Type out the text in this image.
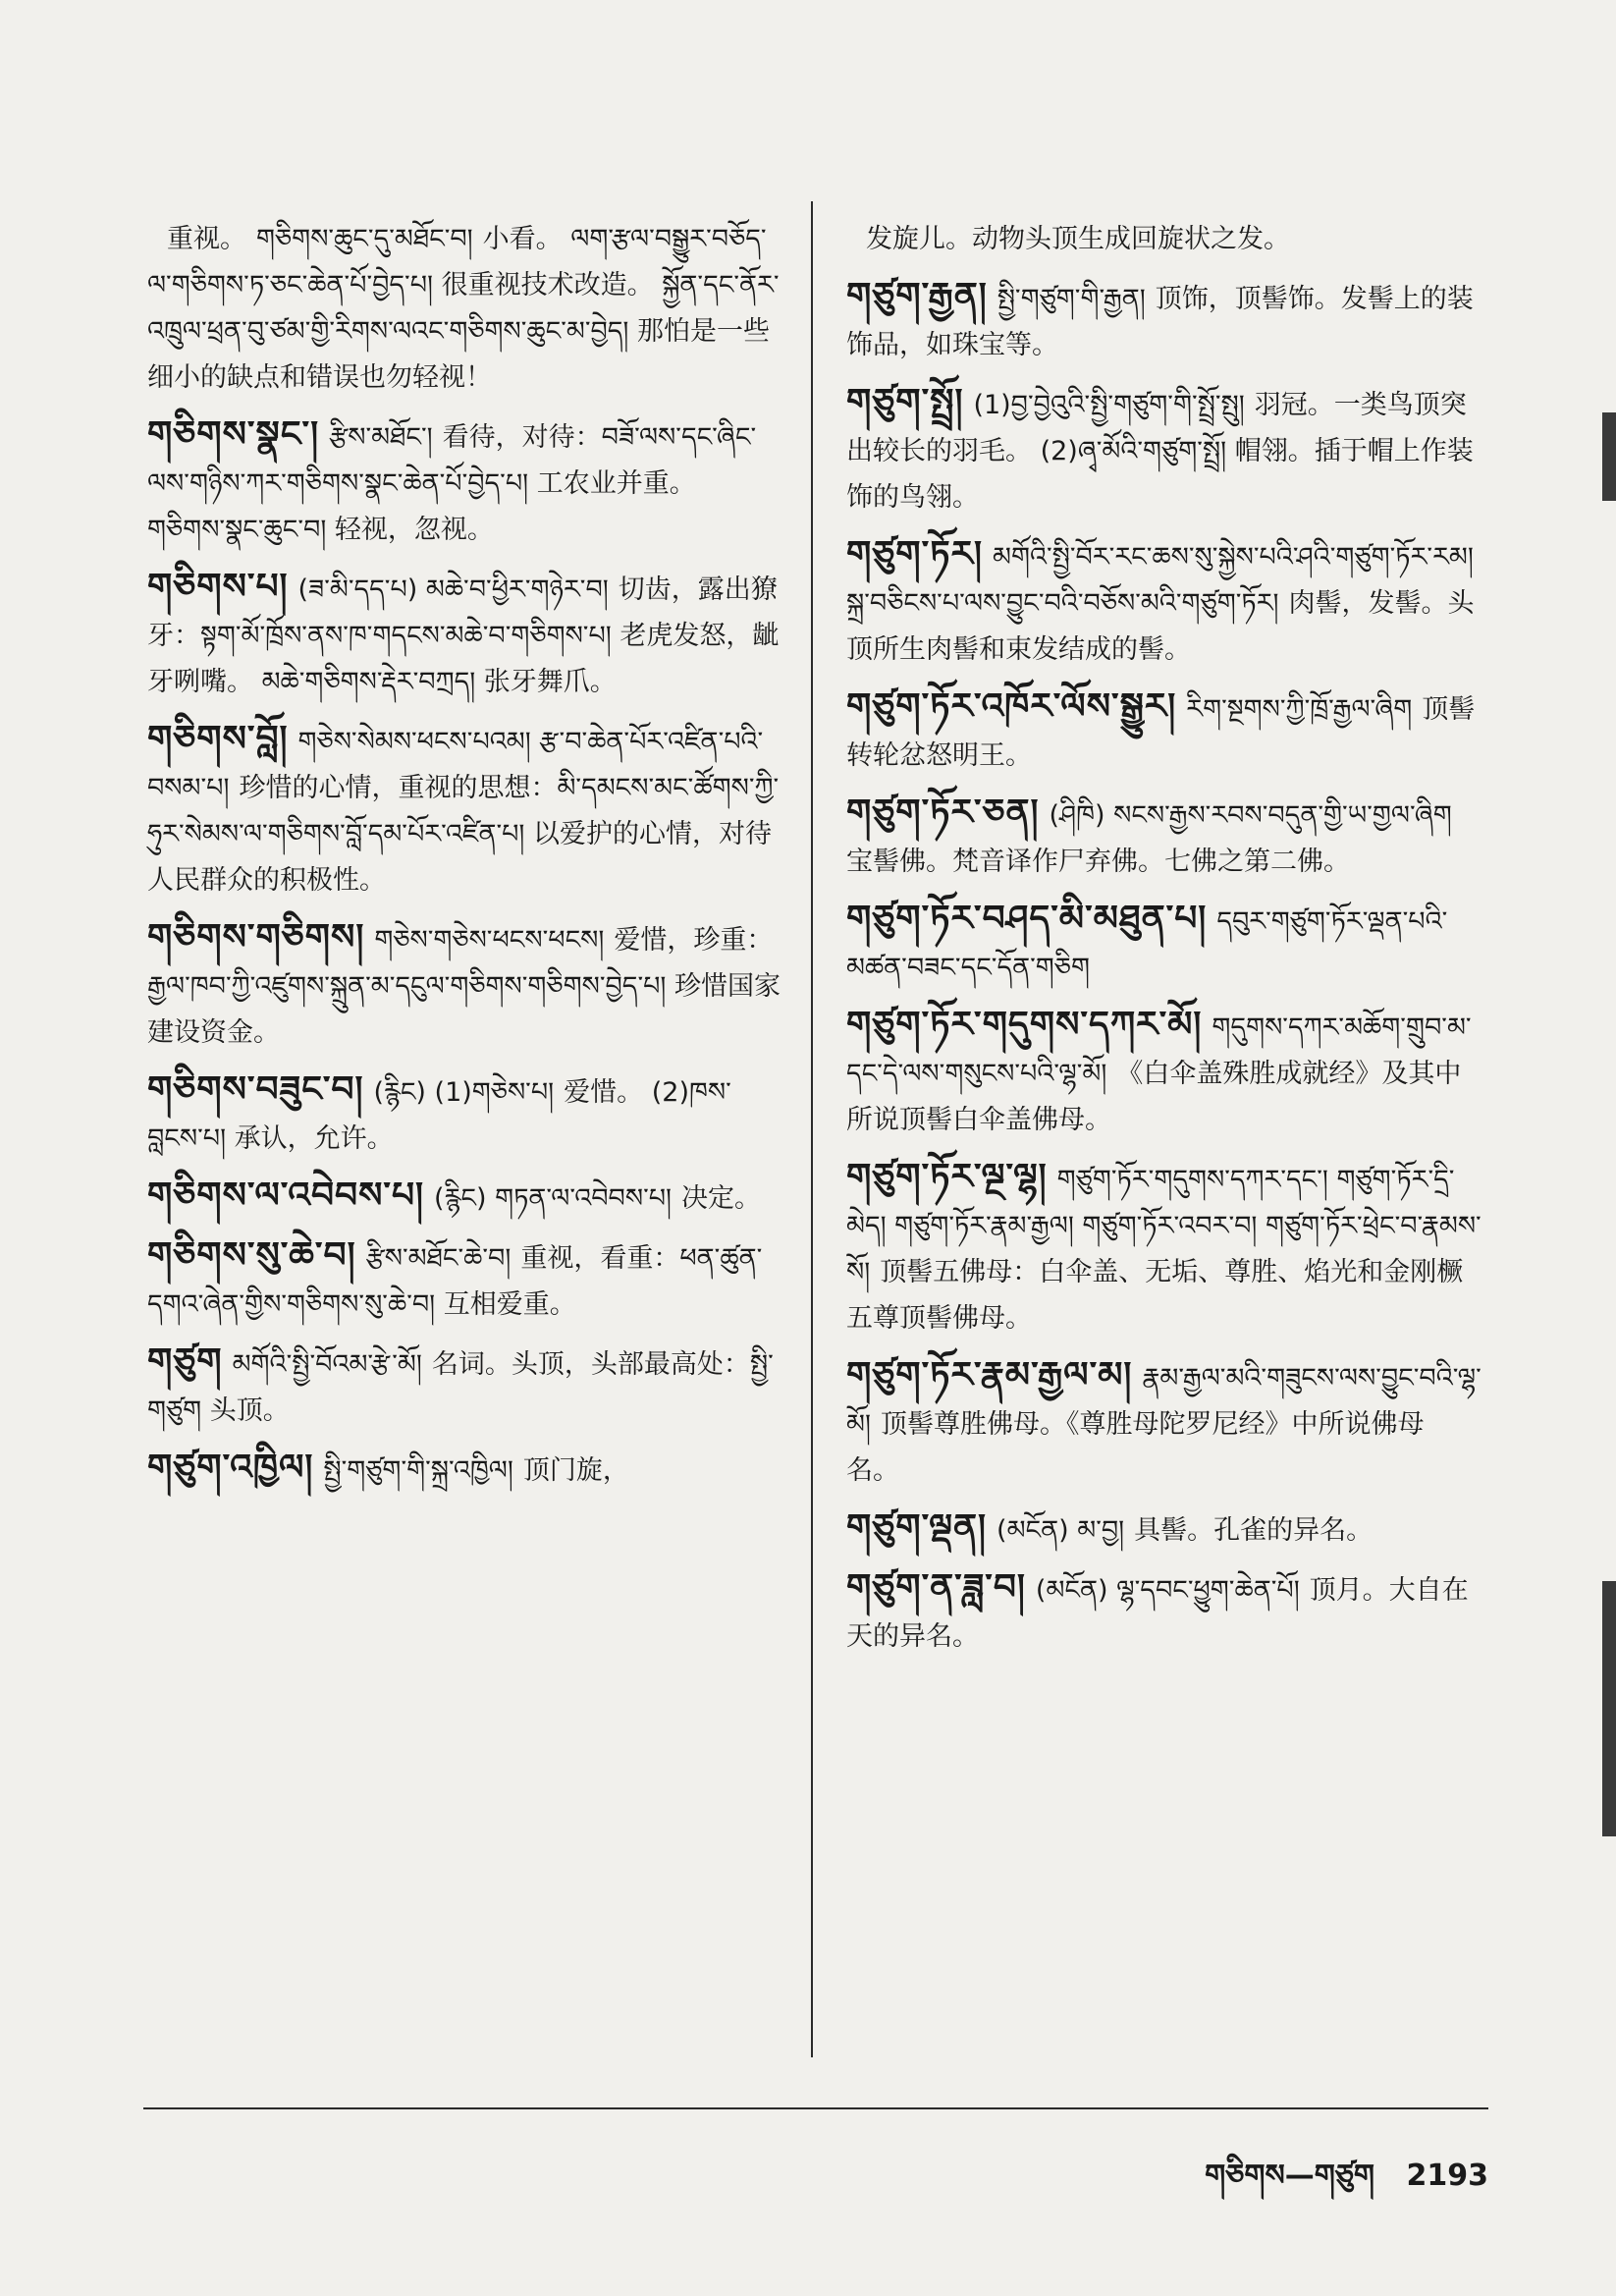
重视。 གཅིགས་ཆུང་དུ་མཐོང་བ། 小看。 ལག་རྩལ་བསྒྱུར་བཅོད་ལ་གཅིགས་ཏ་ཅང་ཆེན་པོ་བྱེད་པ། 很重视技术改造。 སྐྱོན་དང་ནོར་འཁྲུལ་ཕྲན་བུ་ཙམ་གྱི་རིགས་ལའང་གཅིགས་ཆུང་མ་བྱེད། 那怕是一些细小的缺点和错误也勿轻视！
གཅིགས་སྣང་། རྩིས་མཐོང་། 看待，对待：བཟོ་ལས་དང་ཞིང་ལས་གཉིས་ཀར་གཅིགས་སྣང་ཆེན་པོ་བྱེད་པ། 工农业并重。 གཅིགས་སྣང་ཆུང་བ། 轻视，忽视。
གཅིགས་པ། (ཟ་མི་དད་པ) མཆེ་བ་ཕྱིར་གཉེར་བ། 切齿，露出獠牙：སྟག་མོ་ཁྲོས་ནས་ཁ་གདངས་མཆེ་བ་གཅིགས་པ། 老虎发怒，龇牙咧嘴。 མཆེ་གཅིགས་རྡེར་བཀྲད། 张牙舞爪。
གཅིགས་བློ། གཅེས་སེམས་ཕངས་པའམ། རྩ་བ་ཆེན་པོར་འཛིན་པའི་བསམ་པ། 珍惜的心情，重视的思想：མི་དམངས་མང་ཚོགས་ཀྱི་ཧུར་སེམས་ལ་གཅིགས་བློ་དམ་པོར་འཛིན་པ། 以爱护的心情，对待人民群众的积极性。
གཅིགས་གཅིགས། གཅེས་གཅེས་ཕངས་ཕངས། 爱惜，珍重：རྒྱལ་ཁབ་ཀྱི་འཛུགས་སྐྲུན་མ་དངུལ་གཅིགས་གཅིགས་བྱེད་པ། 珍惜国家建设资金。
གཅིགས་བཟུང་བ། (རྙིང) (1)གཅེས་པ། 爱惜。 (2)ཁས་བླངས་པ། 承认，允许。
གཅིགས་ལ་འབེབས་པ། (རྙིང) གཏན་ལ་འབེབས་པ། 决定。
གཅིགས་སུ་ཆེ་བ། རྩིས་མཐོང་ཆེ་བ། 重视，看重：ཕན་ཚུན་དགའ་ཞེན་གྱིས་གཅིགས་སུ་ཆེ་བ། 互相爱重。
གཙུག མགོའི་སྤྱི་བོའམ་རྩེ་མོ། 名词。头顶，头部最高处：སྤྱི་གཙུག 头顶。
གཙུག་འཁྱིལ། སྤྱི་གཙུག་གི་སྐྲ་འཁྱིལ། 顶门旋，
发旋儿。动物头顶生成回旋状之发。
གཙུག་རྒྱན། སྤྱི་གཙུག་གི་རྒྱན། 顶饰，顶髻饰。发髻上的装饰品，如珠宝等。
གཙུག་སྤྲོ། (1)བྱ་བྱེའུའི་སྤྱི་གཙུག་གི་སྤྲོ་སྤུ། 羽冠。一类鸟顶突出较长的羽毛。 (2)ཞྭ་མོའི་གཙུག་སྤྲོ། 帽翎。插于帽上作装饰的鸟翎。
གཙུག་ཏོར། མགོའི་སྤྱི་བོར་རང་ཆས་སུ་སྐྱེས་པའི་ཤའི་གཙུག་ཏོར་རམ། སྐྲ་བཅིངས་པ་ལས་བྱུང་བའི་བཅོས་མའི་གཙུག་ཏོར། 肉髻，发髻。头顶所生肉髻和束发结成的髻。
གཙུག་ཏོར་འཁོར་ལོས་སྒྱུར། རིག་སྔགས་ཀྱི་ཁྲོ་རྒྱལ་ཞིག 顶髻转轮忿怒明王。
གཙུག་ཏོར་ཅན། (ཤིཁི) སངས་རྒྱས་རབས་བདུན་གྱི་ཡ་གྱལ་ཞིག宝髻佛。梵音译作尸弃佛。七佛之第二佛。
གཙུག་ཏོར་བཤད་མི་མཐུན་པ། དབུར་གཙུག་ཏོར་ལྡན་པའི་མཚན་བཟང་དང་དོན་གཅིག
གཙུག་ཏོར་གདུགས་དཀར་མོ། གདུགས་དཀར་མཆོག་གྲུབ་མ་དང་དེ་ལས་གསུངས་པའི་ལྷ་མོ། 《白伞盖殊胜成就经》及其中所说顶髻白伞盖佛母。
གཙུག་ཏོར་ལྔ་ལྷ། གཙུག་ཏོར་གདུགས་དཀར་དང་། གཙུག་ཏོར་དྲི་མེད། གཙུག་ཏོར་རྣམ་རྒྱལ། གཙུག་ཏོར་འབར་བ། གཙུག་ཏོར་ཕྲེང་བ་རྣམས་སོ། 顶髻五佛母：白伞盖、无垢、尊胜、焰光和金刚橛五尊顶髻佛母。
གཙུག་ཏོར་རྣམ་རྒྱལ་མ། རྣམ་རྒྱལ་མའི་གཟུངས་ལས་བྱུང་བའི་ལྷ་མོ། 顶髻尊胜佛母。《尊胜母陀罗尼经》中所说佛母名。
གཙུག་ལྡན། (མངོན) མ་བྱ། 具髻。孔雀的异名。
གཙུག་ན་ཟླ་བ། (མངོན) ལྷ་དབང་ཕྱུག་ཆེན་པོ། 顶月。大自在天的异名。
གཅིགས—གཙུག 2193
